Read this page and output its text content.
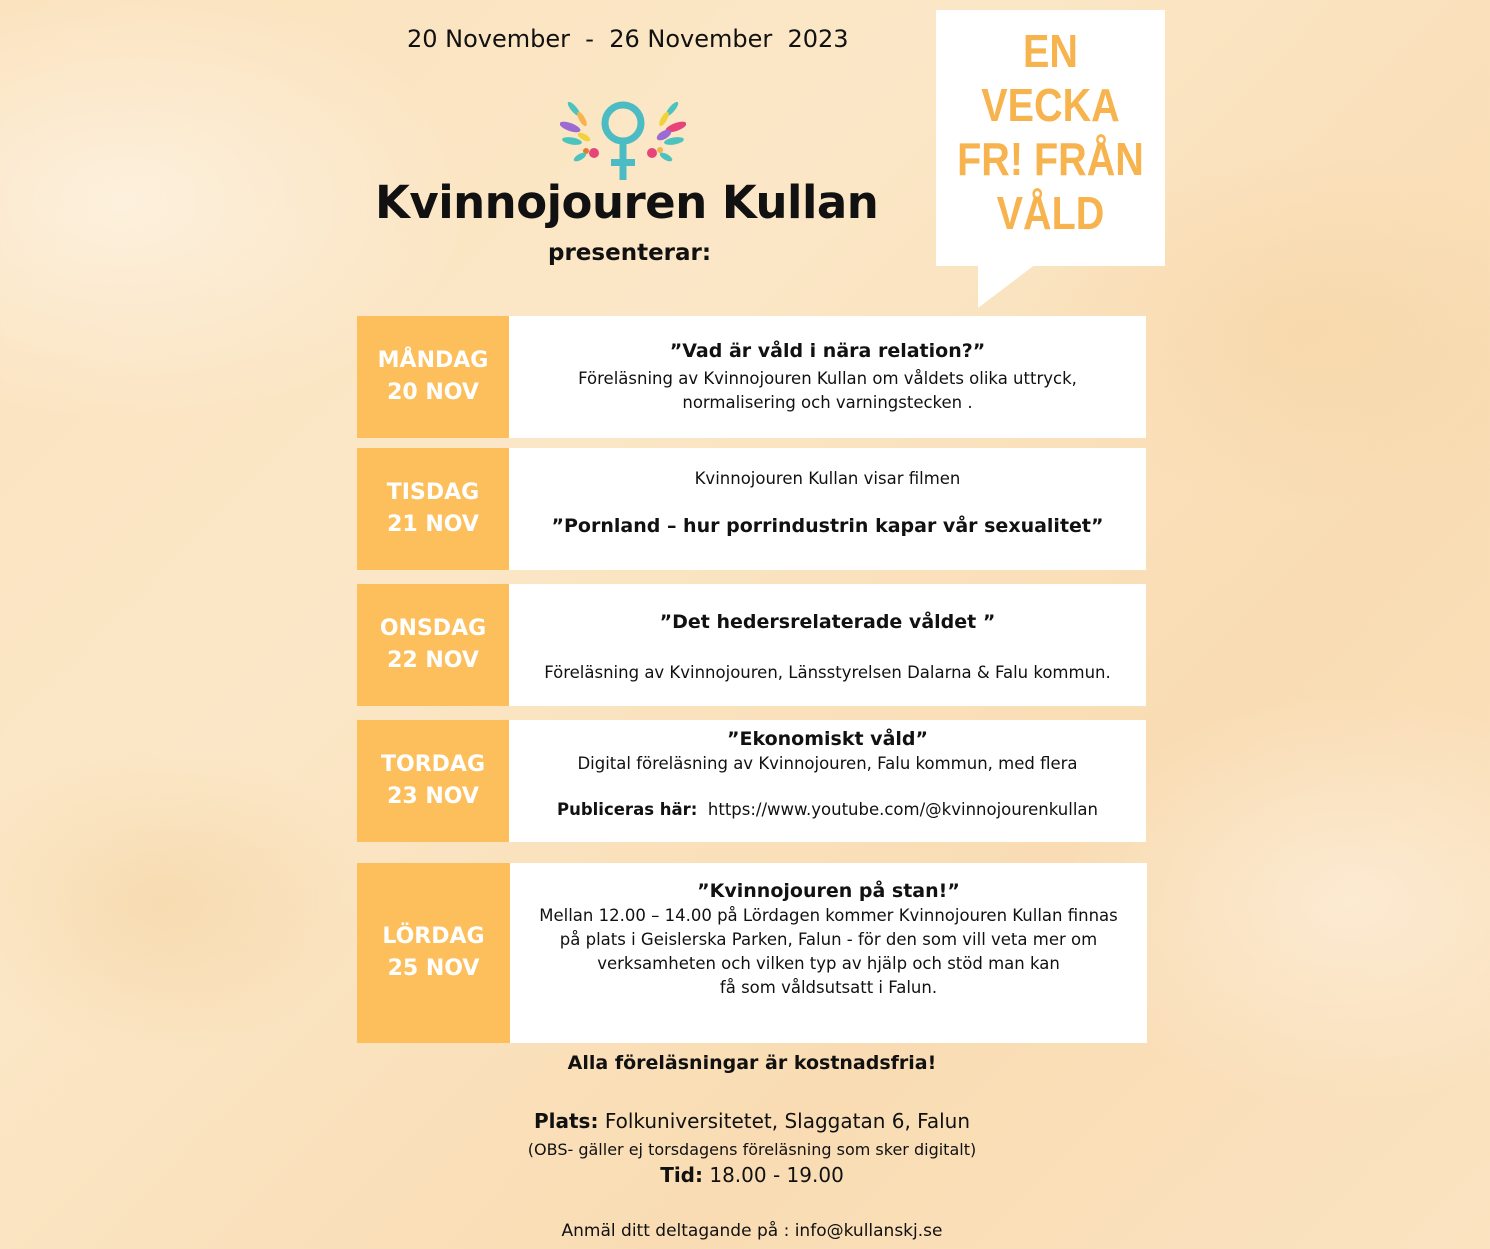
20 November  -  26 November  2023
Kvinnojouren Kullan
presenterar:
EN
VECKA
FR! FRÅN
VÅLD
MÅNDAG
20 NOV
”Vad är våld i nära relation?”
Föreläsning av Kvinnojouren Kullan om våldets olika uttryck,
normalisering och varningstecken .
TISDAG
21 NOV
Kvinnojouren Kullan visar filmen
”Pornland – hur porrindustrin kapar vår sexualitet”
ONSDAG
22 NOV
”Det hedersrelaterade våldet ”
Föreläsning av Kvinnojouren, Länsstyrelsen Dalarna & Falu kommun.
TORDAG
23 NOV
”Ekonomiskt våld”
Digital föreläsning av Kvinnojouren, Falu kommun, med flera
Publiceras här: https://www.youtube.com/@kvinnojourenkullan
LÖRDAG
25 NOV
”Kvinnojouren på stan!”
Mellan 12.00 – 14.00 på Lördagen kommer Kvinnojouren Kullan finnas
på plats i Geislerska Parken, Falun - för den som vill veta mer om
verksamheten och vilken typ av hjälp och stöd man kan
få som våldsutsatt i Falun.
Alla föreläsningar är kostnadsfria!
Plats: Folkuniversitetet, Slaggatan 6, Falun
(OBS- gäller ej torsdagens föreläsning som sker digitalt)
Tid: 18.00 - 19.00
Anmäl ditt deltagande på : info@kullanskj.se
